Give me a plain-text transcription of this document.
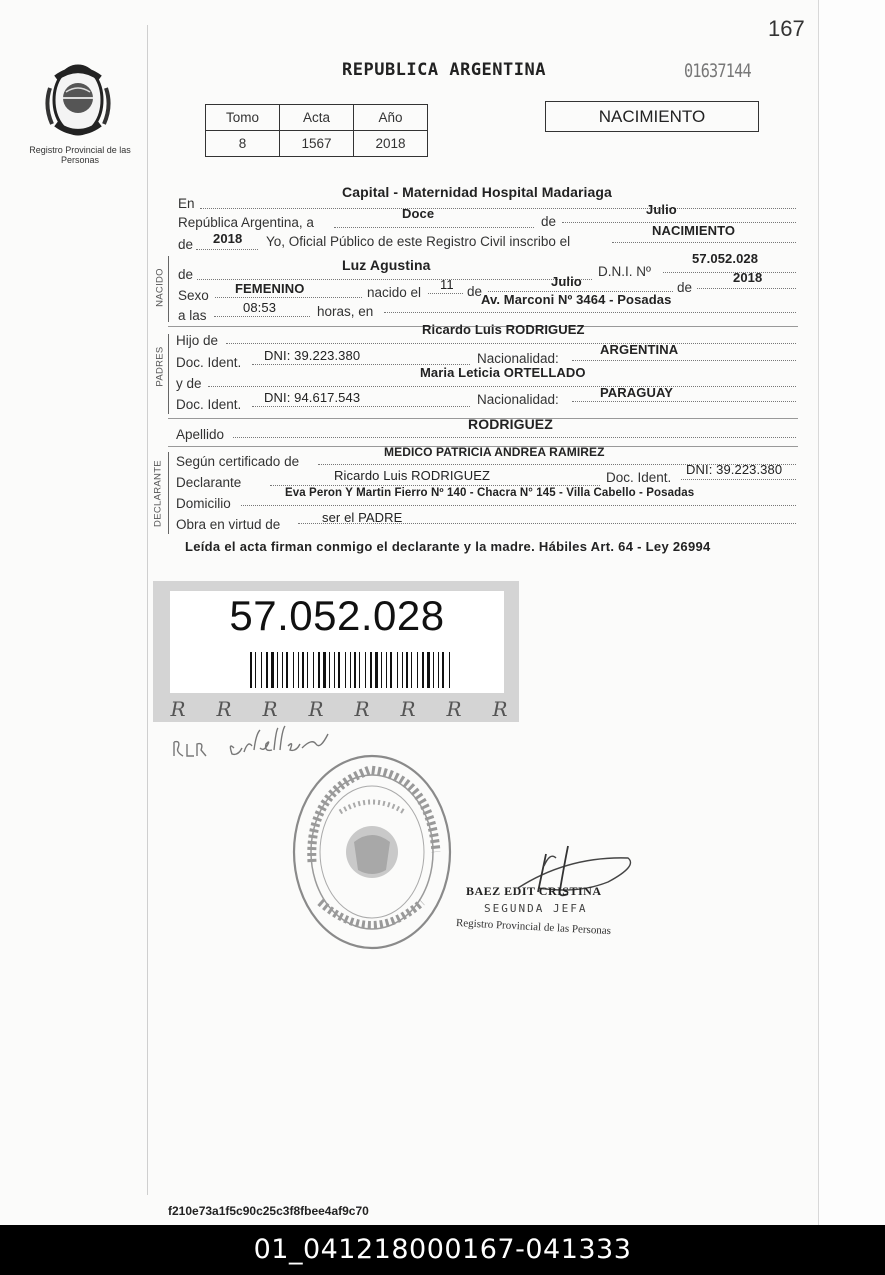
167
Registro Provincial de las Personas
REPUBLICA ARGENTINA	01637144
Tomo	Acta	Año
8	1567	2018
NACIMIENTO
En
Capital - Maternidad Hospital Madariaga
República Argentina, a
Doce
de
Julio
de 2018 Yo, Oficial Público de este Registro Civil inscribo el
NACIMIENTO
NACIDO de
Luz Agustina	D.N.I. Nº
57.052.028
Sexo FEMENINO	nacido el
11 de
Julio	de
2018
a las
08:53	horas, en
Av. Marconi Nº 3464 - Posadas
PADRES
Hijo de
Ricardo Luis RODRIGUEZ
Doc. Ident. DNI: 39.223.380	Nacionalidad:
ARGENTINA
y de
Maria Leticia ORTELLADO
Doc. Ident. DNI: 94.617.543	Nacionalidad:	PARAGUAY
Apellido
RODRIGUEZ
DECLARANTE Según certificado de
MEDICO PATRICIA ANDREA RAMIREZ
Declarante	Ricardo Luis RODRIGUEZ	Doc. Ident.
DNI: 39.223.380
Domicilio
Eva Peron Y Martin Fierro Nº 140 - Chacra N° 145 - Villa Cabello - Posadas
Obra en virtud de	ser el PADRE
Leída el acta firman conmigo el declarante y la madre. Hábiles Art. 64 - Ley 26994
57.052.028
R	R	R	R	R	R	R	R
BAEZ EDIT CRISTINA
SEGUNDA JEFA
Registro Provincial de las Personas
f210e73a1f5c90c25c3f8fbee4af9c70
01_041218000167-041333
